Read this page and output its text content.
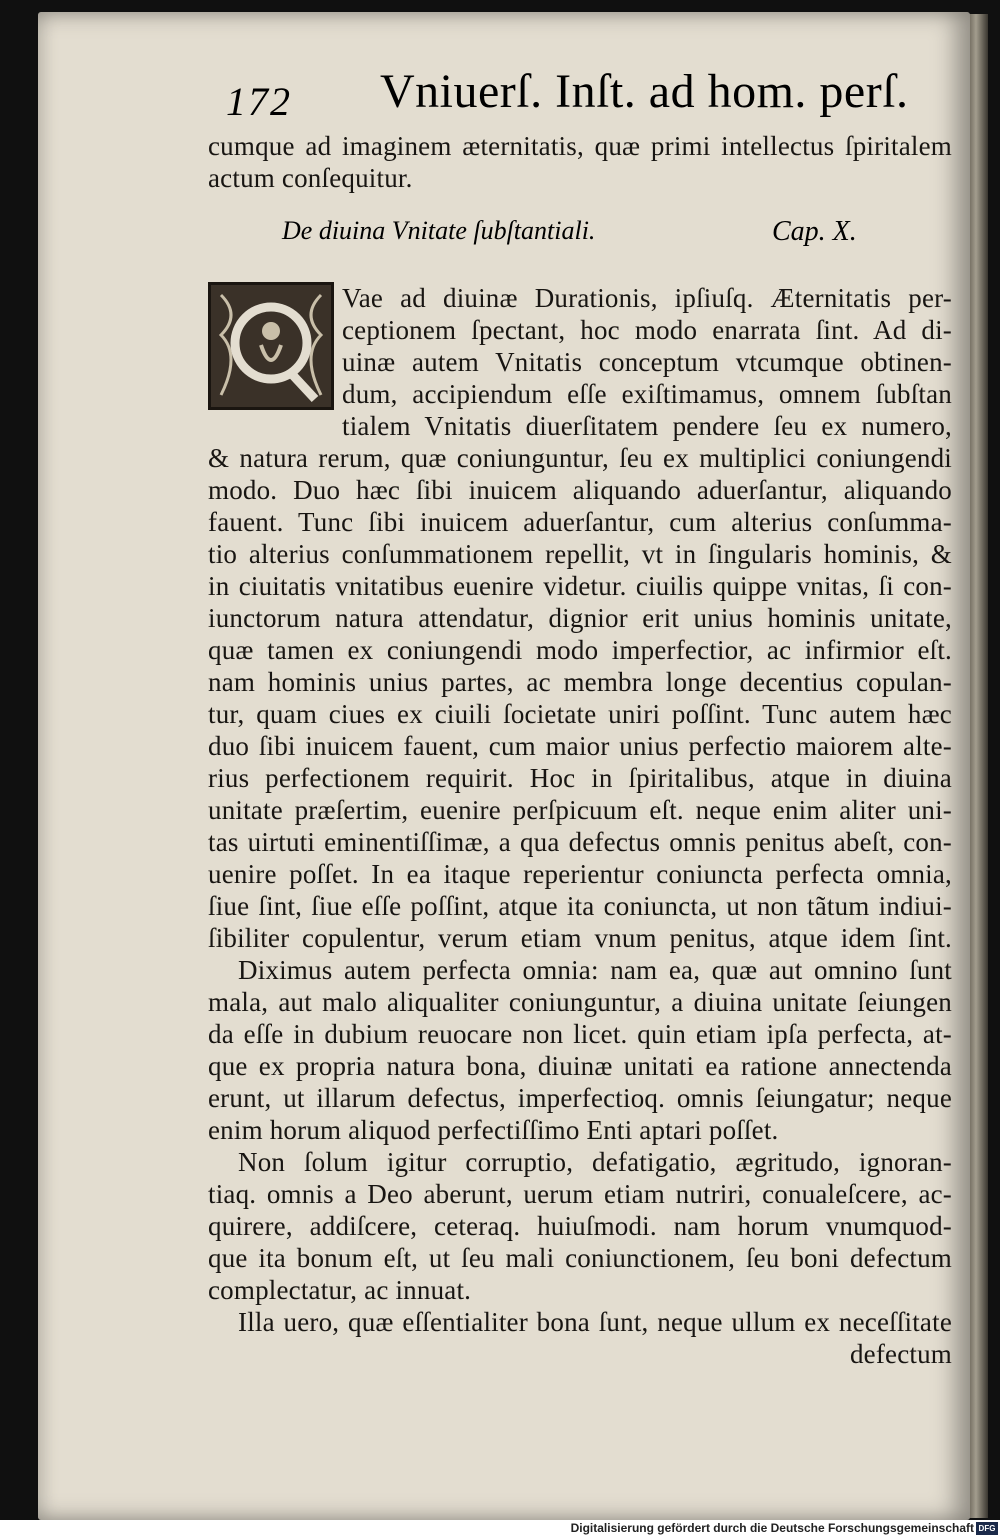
172 Vniuerſ. Inſt. ad hom. perſ.
cumque ad imaginem æternitatis, quæ primi intellectus ſpiritalem
actum conſequitur.
De diuina Vnitate ſubſtantiali.	Cap. X.
Vae ad diuinæ Durationis, ipſiuſq. Æternitatis per-
ceptionem ſpectant, hoc modo enarrata ſint. Ad di-
uinæ autem Vnitatis conceptum vtcumque obtinen-
dum, accipiendum eſſe exiſtimamus, omnem ſubſtan
tialem Vnitatis diuerſitatem pendere ſeu ex numero,
& natura rerum, quæ coniunguntur, ſeu ex multiplici coniungendi
modo. Duo hæc ſibi inuicem aliquando aduerſantur, aliquando
fauent. Tunc ſibi inuicem aduerſantur, cum alterius conſumma-
tio alterius conſummationem repellit, vt in ſingularis hominis, &
in ciuitatis vnitatibus euenire videtur. ciuilis quippe vnitas, ſi con-
iunctorum natura attendatur, dignior erit unius hominis unitate,
quæ tamen ex coniungendi modo imperfectior, ac infirmior eſt.
nam hominis unius partes, ac membra longe decentius copulan-
tur, quam ciues ex ciuili ſocietate uniri poſſint. Tunc autem hæc
duo ſibi inuicem fauent, cum maior unius perfectio maiorem alte-
rius perfectionem requirit. Hoc in ſpiritalibus, atque in diuina
unitate præſertim, euenire perſpicuum eſt. neque enim aliter uni-
tas uirtuti eminentiſſimæ, a qua defectus omnis penitus abeſt, con-
uenire poſſet. In ea itaque reperientur coniuncta perfecta omnia,
ſiue ſint, ſiue eſſe poſſint, atque ita coniuncta, ut non tãtum indiui-
ſibiliter copulentur, verum etiam vnum penitus, atque idem ſint.
Diximus autem perfecta omnia: nam ea, quæ aut omnino ſunt
mala, aut malo aliqualiter coniunguntur, a diuina unitate ſeiungen
da eſſe in dubium reuocare non licet. quin etiam ipſa perfecta, at-
que ex propria natura bona, diuinæ unitati ea ratione annectenda
erunt, ut illarum defectus, imperfectioq. omnis ſeiungatur; neque
enim horum aliquod perfectiſſimo Enti aptari poſſet.
Non ſolum igitur corruptio, defatigatio, ægritudo, ignoran-
tiaq. omnis a Deo aberunt, uerum etiam nutriri, conualeſcere, ac-
quirere, addiſcere, ceteraq. huiuſmodi. nam horum vnumquod-
que ita bonum eſt, ut ſeu mali coniunctionem, ſeu boni defectum
complectatur, ac innuat.
Illa uero, quæ eſſentialiter bona ſunt, neque ullum ex neceſſitate
defectum
Digitalisierung gefördert durch die Deutsche Forschungsgemeinschaft DFG
